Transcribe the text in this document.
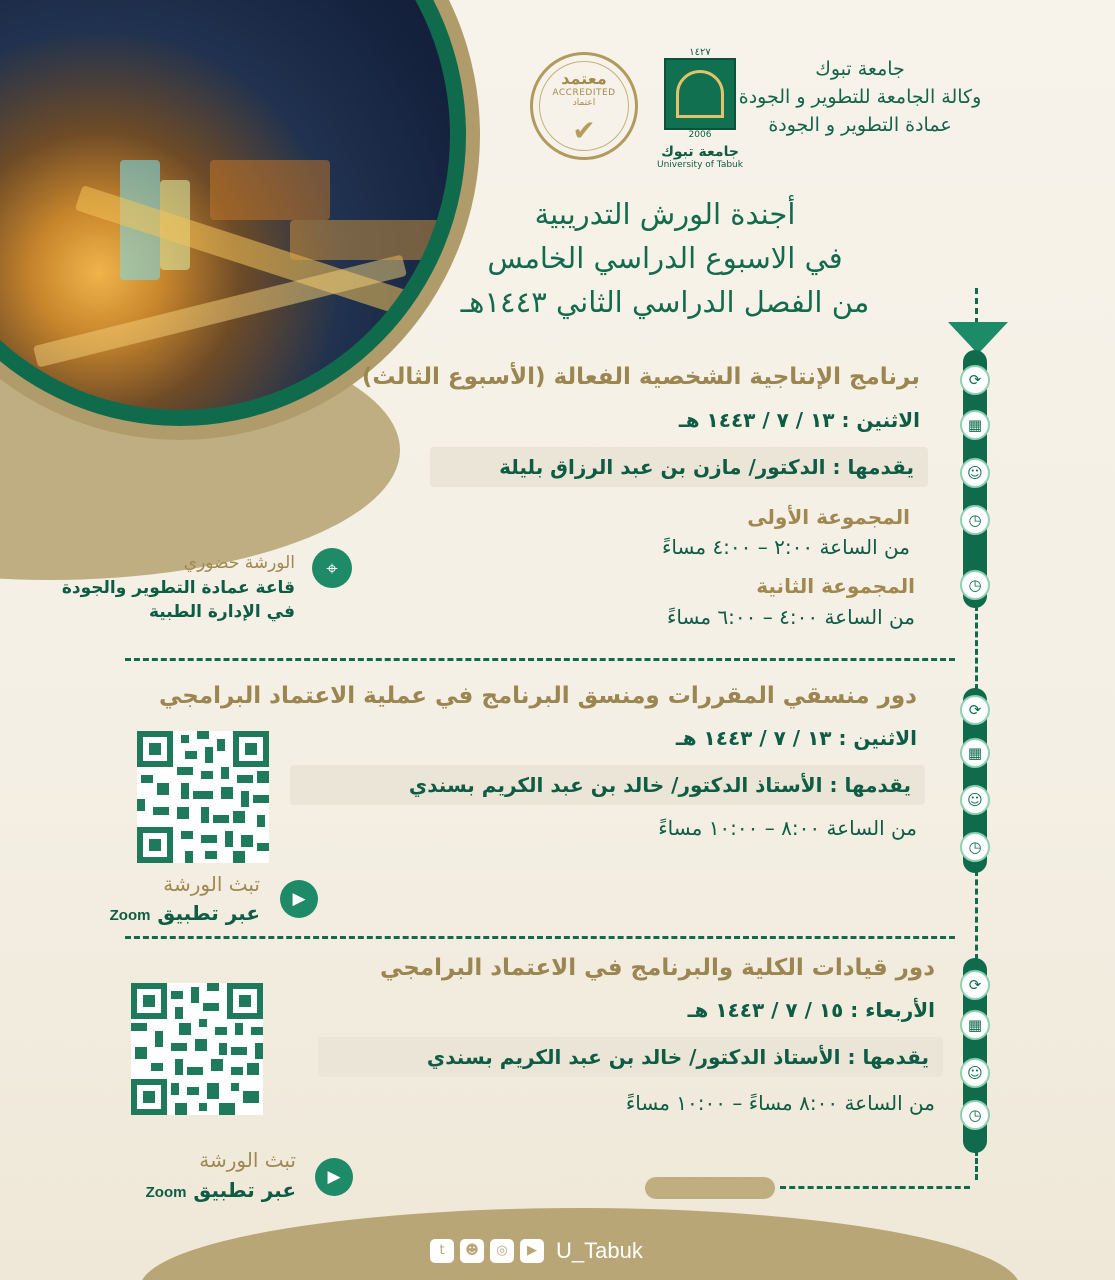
جامعة تبوك
وكالة الجامعة للتطوير و الجودة
عمادة التطوير و الجودة
١٤٢٧
2006
جامعة تبوك
University of Tabuk
معتمد
ACCREDITED
اعتماد
✔
أجندة الورش التدريبية
في الاسبوع الدراسي الخامس
من الفصل الدراسي الثاني ١٤٤٣هـ
⟳
▦
☺
◷
◷
⟳
▦
☺
◷
⟳
▦
☺
◷
برنامج الإنتاجية الشخصية الفعالة (الأسبوع الثالث)
الاثنين : ١٣ / ٧ / ١٤٤٣ هـ
يقدمها : الدكتور/ مازن بن عبد الرزاق بليلة
المجموعة الأولى
من الساعة ٢:٠٠ – ٤:٠٠ مساءً
المجموعة الثانية
من الساعة ٤:٠٠ – ٦:٠٠ مساءً
⌖
الورشة حضوري
قاعة عمادة التطوير والجودة
في الإدارة الطبية
دور منسقي المقررات ومنسق البرنامج في عملية الاعتماد البرامجي
الاثنين : ١٣ / ٧ / ١٤٤٣ هـ
يقدمها : الأستاذ الدكتور/ خالد بن عبد الكريم بسندي
من الساعة ٨:٠٠ – ١٠:٠٠ مساءً
تبث الورشة
عبر تطبيق Zoom
▶
دور قيادات الكلية والبرنامج في الاعتماد البرامجي
الأربعاء : ١٥ / ٧ / ١٤٤٣ هـ
يقدمها : الأستاذ الدكتور/ خالد بن عبد الكريم بسندي
من الساعة ٨:٠٠ مساءً – ١٠:٠٠ مساءً
تبث الورشة
عبر تطبيق Zoom
▶
t ☻ ◎ ▶ U_Tabuk
